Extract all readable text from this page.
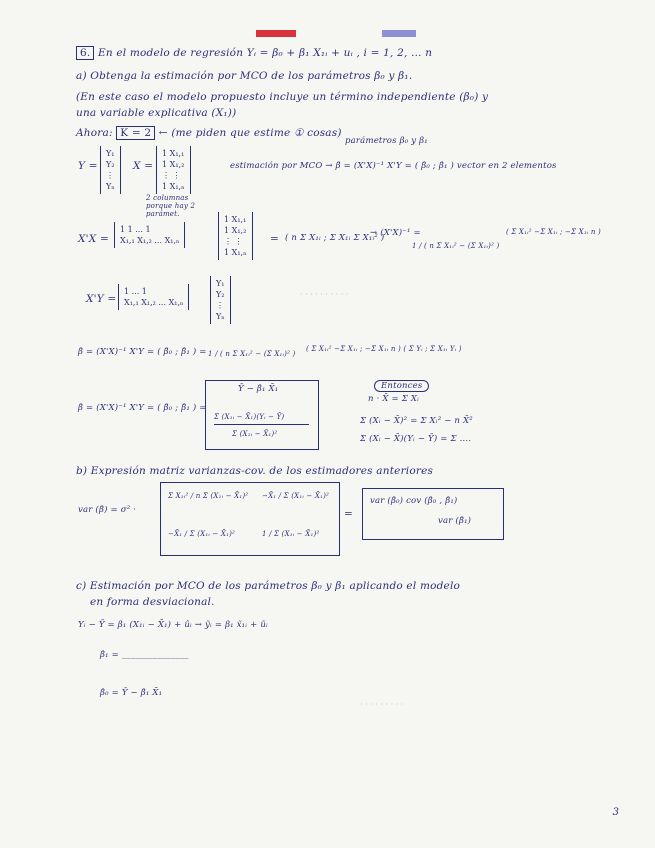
· · · · · · · · · ·
· · · · · · · · ·
6. En el modelo de regresión Yᵢ = β₀ + β₁ X₁ᵢ + uᵢ , i = 1, 2, ... n
a) Obtenga la estimación por MCO de los parámetros β₀ y β₁.
(En este caso el modelo propuesto incluye un término independiente (β₀) y
una variable explicativa (X₁))
Ahora: K = 2 ← (me piden que estime ① cosas)
parámetros β₀ y β₁
Y =
Y₁
Y₂
⋮
Yₙ
X =
1 X₁,₁
1 X₁,₂
⋮ ⋮
1 X₁,ₙ
2 columnas porque hay 2 parámet.
estimación por MCO → β̂ = (X'X)⁻¹ X'Y = ( β̂₀ ; β̂₁ ) vector en 2 elementos
X'X =
1 1 ... 1
X₁,₁ X₁,₂ ... X₁,ₙ
1 X₁,₁
1 X₁,₂
⋮ ⋮
1 X₁,ₙ
= ( n Σ X₁ᵢ ; Σ X₁ᵢ Σ X₁ᵢ² )
→ (X'X)⁻¹ =
1 / ( n Σ X₁ᵢ² − (Σ X₁ᵢ)² )
( Σ X₁ᵢ² −Σ X₁ᵢ ; −Σ X₁ᵢ n )
X'Y =
1 ... 1
X₁,₁ X₁,₂ ... X₁,ₙ
Y₁
Y₂
⋮
Yₙ
β̂ = (X'X)⁻¹ X'Y = ( β̂₀ ; β̂₁ ) = 1 / ( n Σ X₁ᵢ² − (Σ X₁ᵢ)² )
( Σ X₁ᵢ² −Σ X₁ᵢ ; −Σ X₁ᵢ n ) ( Σ Yᵢ ; Σ X₁ᵢ Yᵢ )
β̂ = (X'X)⁻¹ X'Y = ( β̂₀ ; β̂₁ ) =
Ȳ − β̂₁ X̄₁
Σ (X₁ᵢ − X̄₁)(Yᵢ − Ȳ)
Σ (X₁ᵢ − X̄₁)²
Entonces
n · X̄ = Σ Xᵢ
Σ (Xᵢ − X̄)² = Σ Xᵢ² − n X̄²
Σ (Xᵢ − X̄)(Yᵢ − Ȳ) = Σ ....
b) Expresión matriz varianzas-cov. de los estimadores anteriores
var (β̂) = σ² ·
Σ X₁ᵢ² / n Σ (X₁ᵢ − X̄₁)² −X̄₁ / Σ (X₁ᵢ − X̄₁)²
−X̄₁ / Σ (X₁ᵢ − X̄₁)²	1 / Σ (X₁ᵢ − X̄₁)²
=
var (β̂₀) cov (β̂₀ , β̂₁)
var (β̂₁)
c) Estimación por MCO de los parámetros β₀ y β₁ aplicando el modelo
en forma desviacional.
Yᵢ − Ȳ = β₁ (X₁ᵢ − X̄₁) + ûᵢ → ỹᵢ = β₁ x̃₁ᵢ + ũᵢ
β̂₁ = _______________
β̂₀ = Ȳ − β̂₁ X̄₁
3
